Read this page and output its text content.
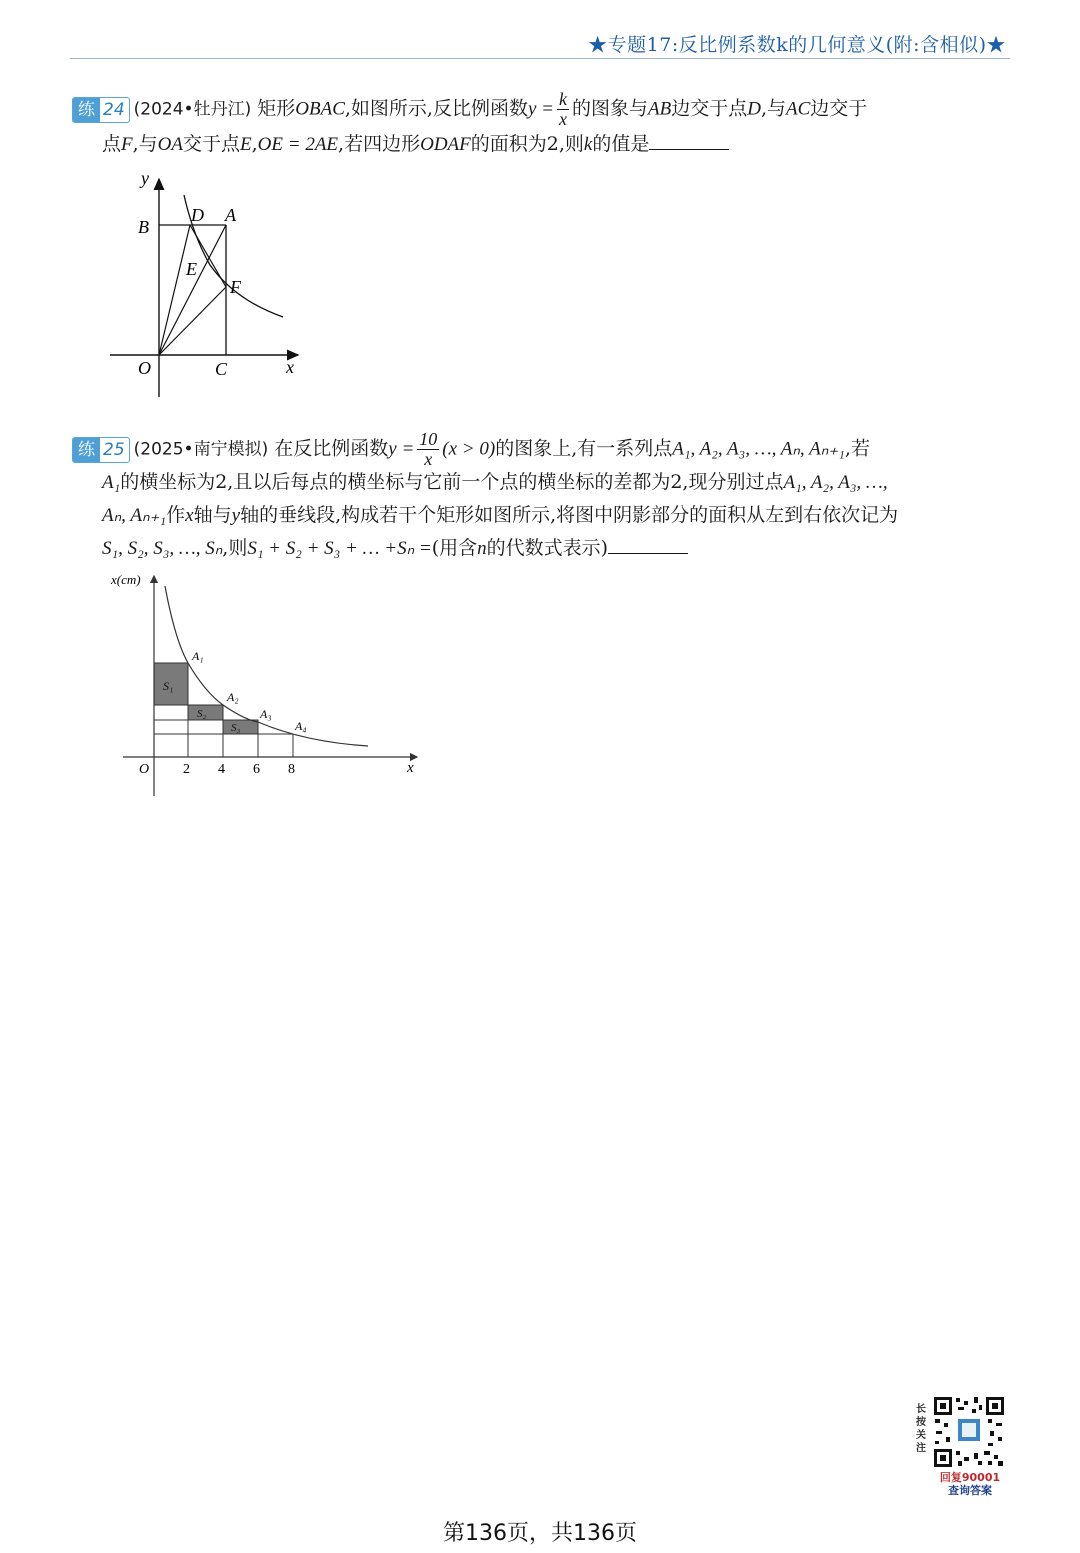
★专题17:反比例系数k的几何意义(附:含相似)★
练 24 (2024•牡丹江) 矩形OBAC,如图所示,反比例函数$y = \frac{k}{x}$ 的图象与AB边交于点D,与AC边交于
点F,与OA交于点E,OE = 2AE,若四边形ODAF的面积为2,则k的值是
y
x
O
B
D A
E
F
C
练 25 (2025•南宁模拟) 在反比例函数$y = \frac{10}{x} (x > 0)$的图象上,有一系列点A₁, A₂, A₃, …, Aₙ, Aₙ₊₁,若
A₁的横坐标为2,且以后每点的横坐标与它前一个点的横坐标的差都为2,现分别过点A₁, A₂, A₃, …,
Aₙ, Aₙ₊₁作x轴与y轴的垂线段,构成若干个矩形如图所示,将图中阴影部分的面积从左到右依次记为
S₁, S₂, S₃, …, Sₙ,则S₁ + S₂ + S₃ + … +Sₙ =(用含n的代数式表示)
x(cm)
x
O 2 4 6 8
A₁
A₂
A₃
A₄
S₁
S₂
S₃
长
按
关
注
回复90001
查询答案
第136页，共136页
